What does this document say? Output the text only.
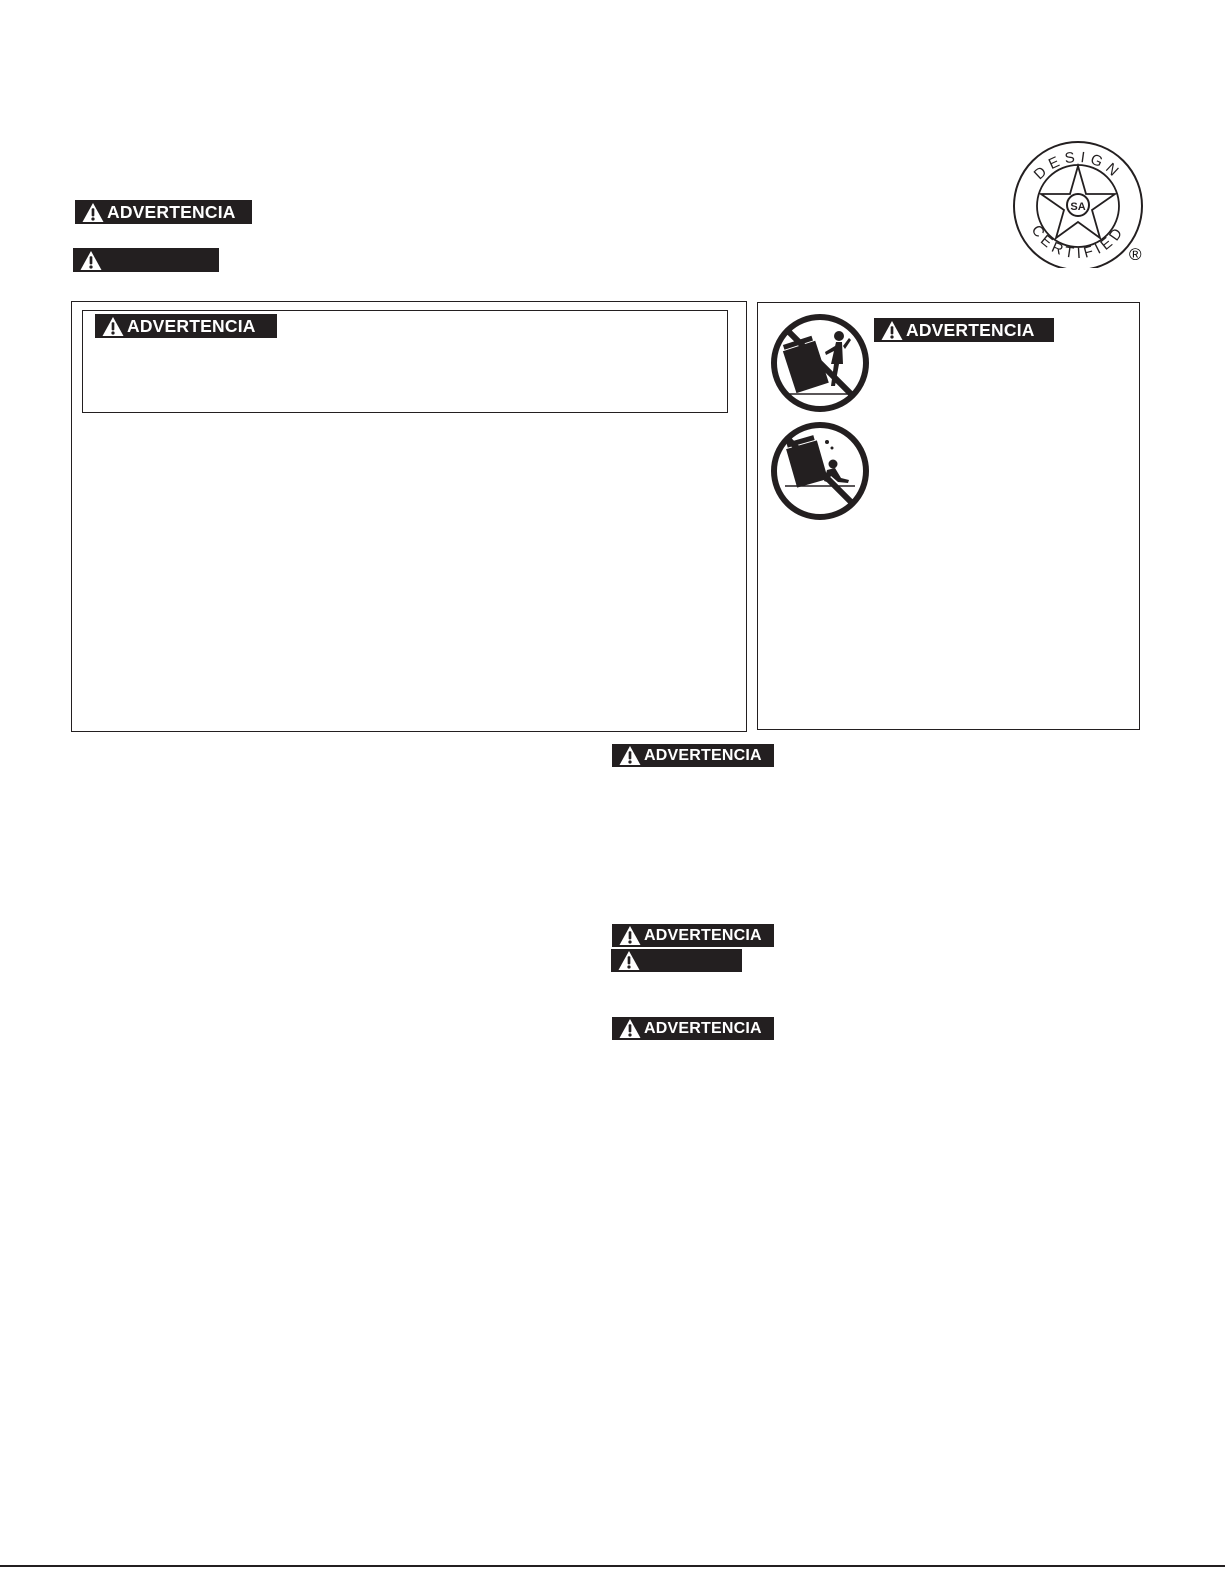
ADVERTENCIA	SA
DESIGN
CERTIFIED
®
ADVERTENCIA	ADVERTENCIA
ADVERTENCIA
ADVERTENCIA
ADVERTENCIA
